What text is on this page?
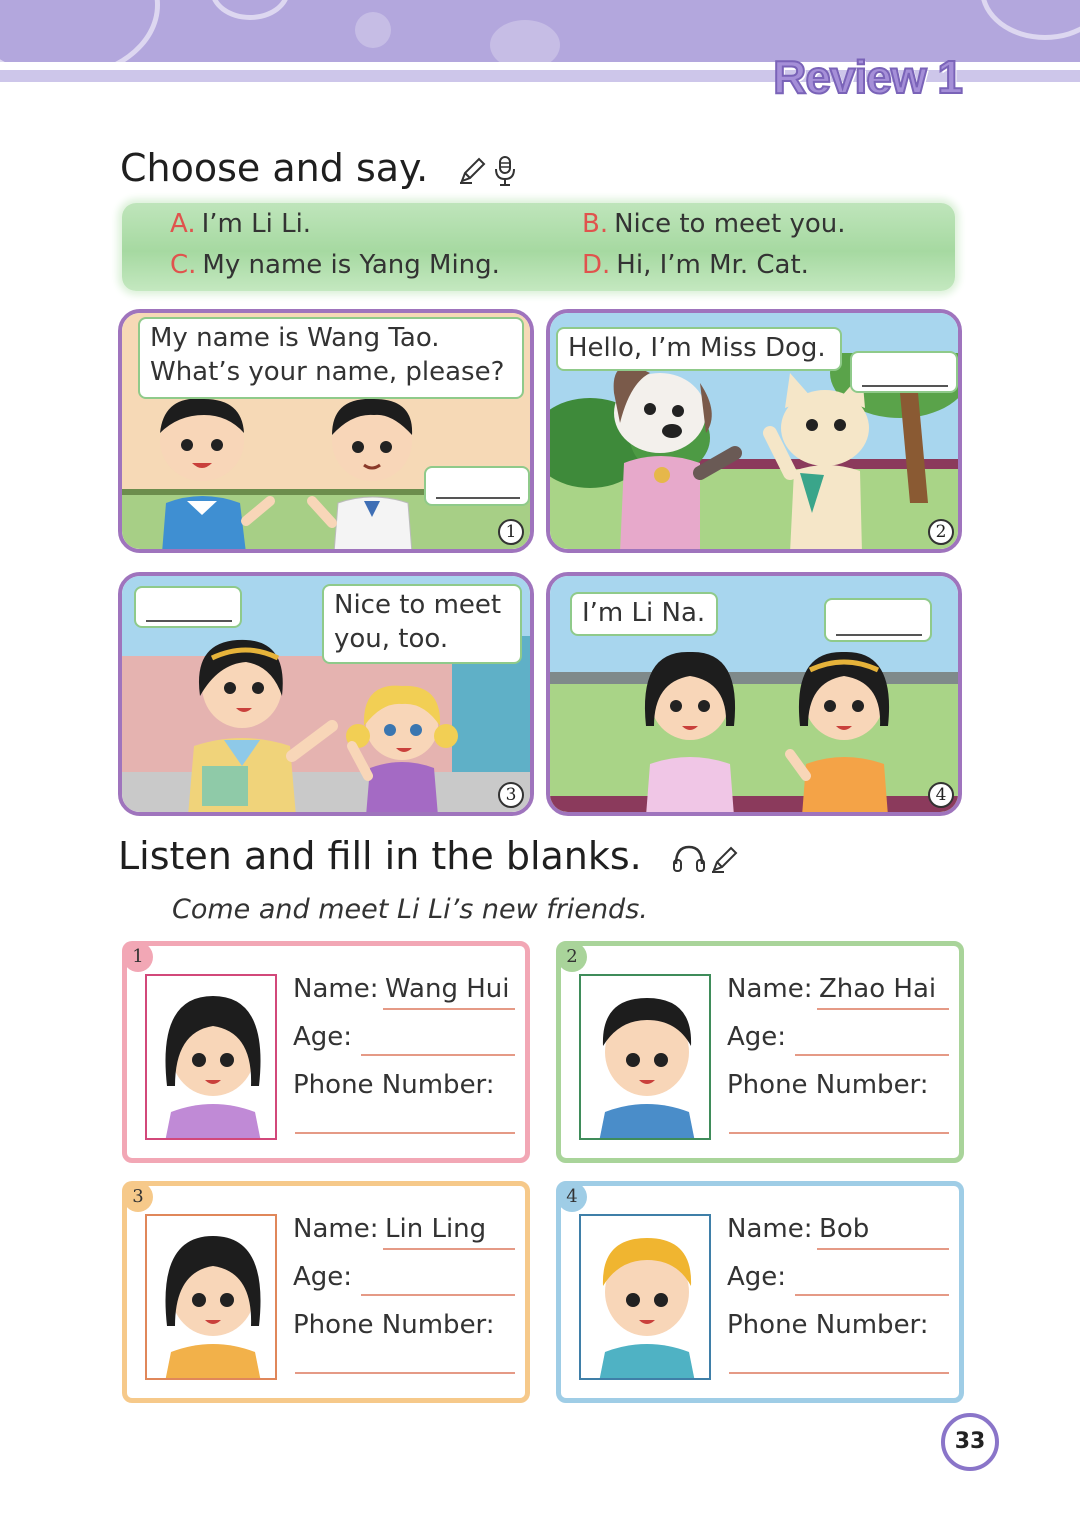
Review 1
Choose and say.
A. I’m Li Li.	B. Nice to meet you.
C. My name is Yang Ming.	D. Hi, I’m Mr. Cat.
My name is Wang Tao.
What’s your name, please?
1
Hello, I’m Miss Dog.
2
Nice to meet
you, too.
3
I’m Li Na.
4
Listen and fill in the blanks.
Come and meet Li Li’s new friends.
1
Name: Wang Hui
Age:
Phone Number:
2
Name: Zhao Hai
Age:
Phone Number:
3
Name: Lin Ling
Age:
Phone Number:
4
Name: Bob
Age:
Phone Number:
33
